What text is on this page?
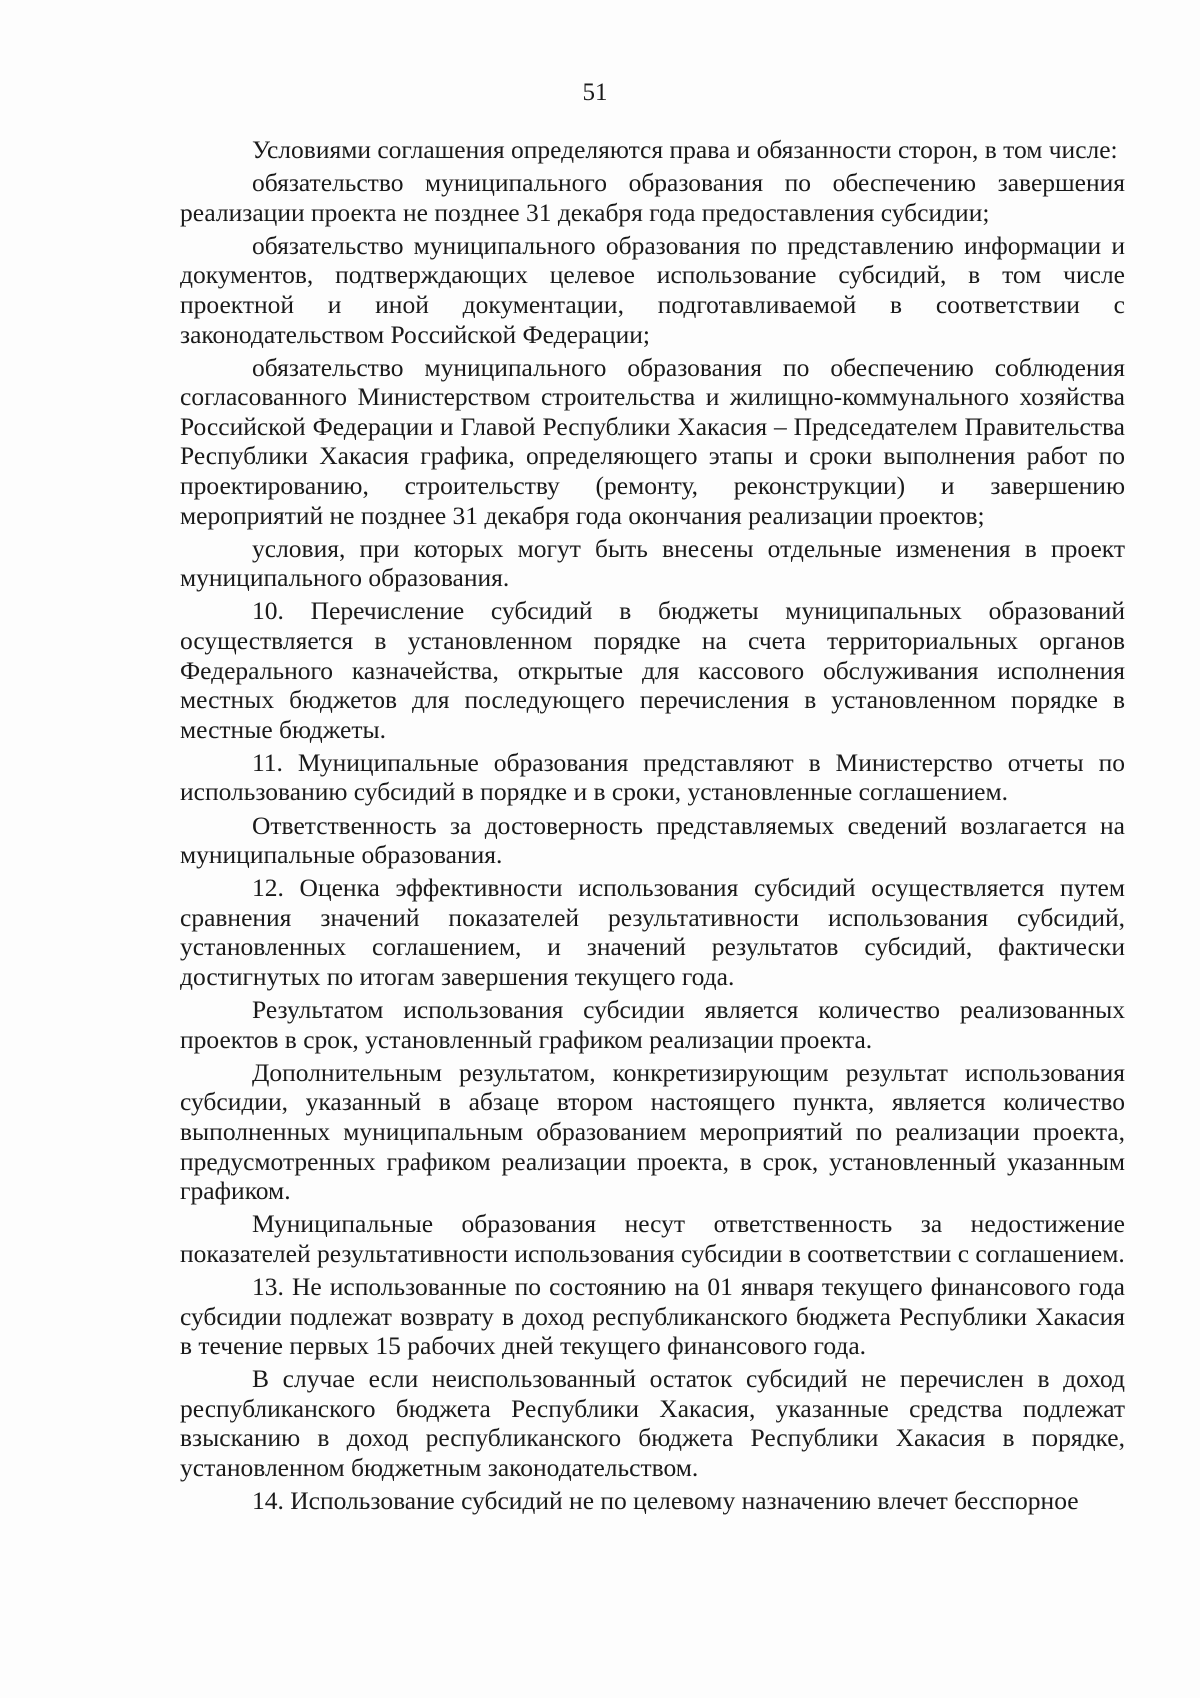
51

Условиями соглашения определяются права и обязанности сторон, в том числе:

обязательство муниципального образования по обеспечению завершения реализации проекта не позднее 31 декабря года предоставления субсидии;

обязательство муниципального образования по представлению информации и документов, подтверждающих целевое использование субсидий, в том числе проектной и иной документации, подготавливаемой в соответствии с законодательством Российской Федерации;

обязательство муниципального образования по обеспечению соблюдения согласованного Министерством строительства и жилищно-коммунального хозяйства Российской Федерации и Главой Республики Хакасия – Председателем Правительства Республики Хакасия графика, определяющего этапы и сроки выполнения работ по проектированию, строительству (ремонту, реконструкции) и завершению мероприятий не позднее 31 декабря года окончания реализации проектов;

условия, при которых могут быть внесены отдельные изменения в проект муниципального образования.

10. Перечисление субсидий в бюджеты муниципальных образований осуществляется в установленном порядке на счета территориальных органов Федерального казначейства, открытые для кассового обслуживания исполнения местных бюджетов для последующего перечисления в установленном порядке в местные бюджеты.

11. Муниципальные образования представляют в Министерство отчеты по использованию субсидий в порядке и в сроки, установленные соглашением.

Ответственность за достоверность представляемых сведений возлагается на муниципальные образования.

12. Оценка эффективности использования субсидий осуществляется путем сравнения значений показателей результативности использования субсидий, установленных соглашением, и значений результатов субсидий, фактически достигнутых по итогам завершения текущего года.

Результатом использования субсидии является количество реализованных проектов в срок, установленный графиком реализации проекта.

Дополнительным результатом, конкретизирующим результат использования субсидии, указанный в абзаце втором настоящего пункта, является количество выполненных муниципальным образованием мероприятий по реализации проекта, предусмотренных графиком реализации проекта, в срок, установленный указанным графиком.

Муниципальные образования несут ответственность за недостижение показателей результативности использования субсидии в соответствии с соглашением.

13. Не использованные по состоянию на 01 января текущего финансового года субсидии подлежат возврату в доход республиканского бюджета Республики Хакасия в течение первых 15 рабочих дней текущего финансового года.

В случае если неиспользованный остаток субсидий не перечислен в доход республиканского бюджета Республики Хакасия, указанные средства подлежат взысканию в доход республиканского бюджета Республики Хакасия в порядке, установленном бюджетным законодательством.

14. Использование субсидий не по целевому назначению влечет бесспорное
